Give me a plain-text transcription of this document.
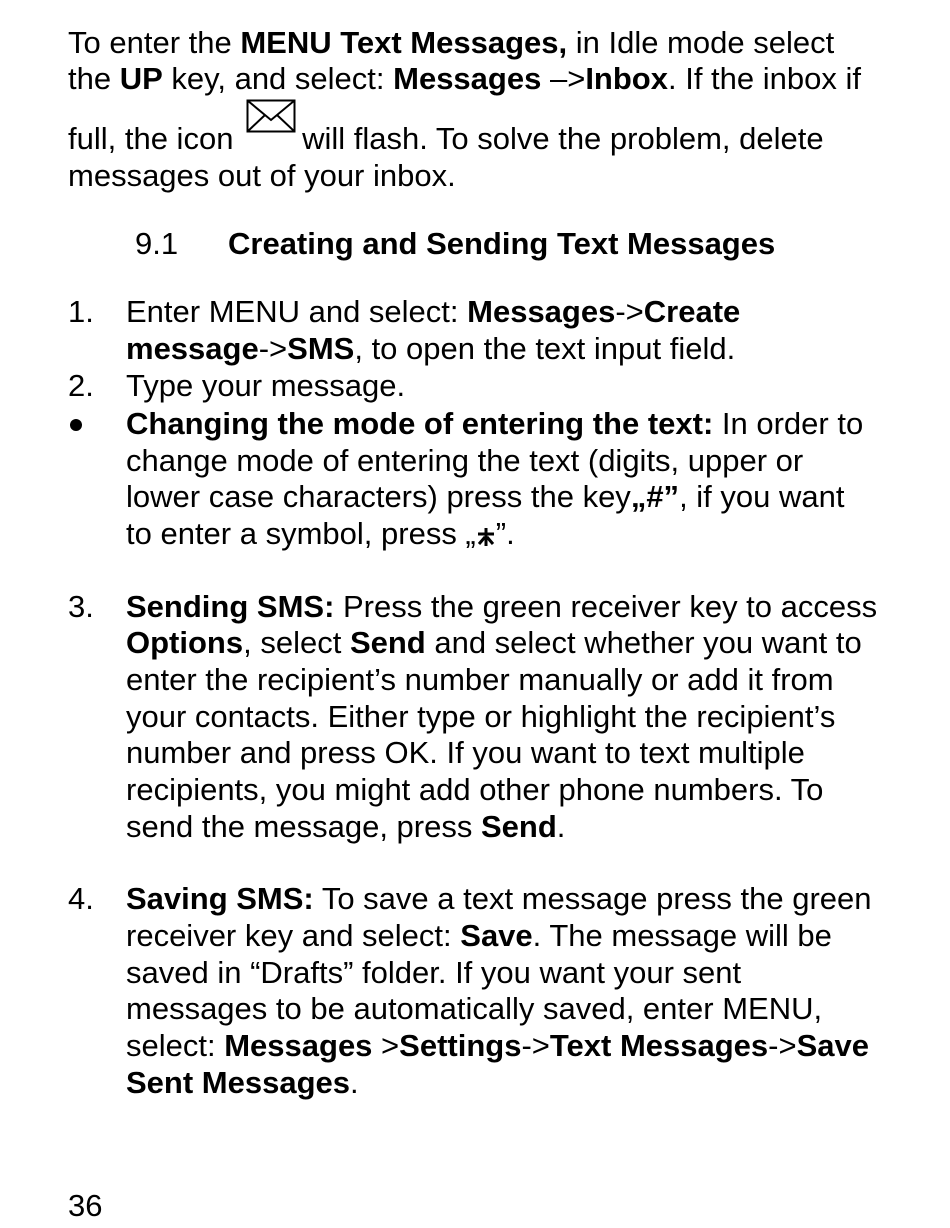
To enter the MENU Text Messages, in Idle mode select
the UP key, and select: Messages –>Inbox. If the inbox if
full, the icon will flash. To solve the problem, delete
messages out of your inbox.
9.1 Creating and Sending Text Messages
1. Enter MENU and select: Messages->Create
message->SMS, to open the text input field.
2. Type your message.
Changing the mode of entering the text: In order to
change mode of entering the text (digits, upper or
lower case characters) press the key„#”, if you want
to enter a symbol, press „ ”.
3. Sending SMS: Press the green receiver key to access
Options, select Send and select whether you want to
enter the recipient’s number manually or add it from
your contacts. Either type or highlight the recipient’s
number and press OK. If you want to text multiple
recipients, you might add other phone numbers. To
send the message, press Send.
4. Saving SMS: To save a text message press the green
receiver key and select: Save. The message will be
saved in “Drafts” folder. If you want your sent
messages to be automatically saved, enter MENU,
select: Messages >Settings->Text Messages->Save
Sent Messages.
36
